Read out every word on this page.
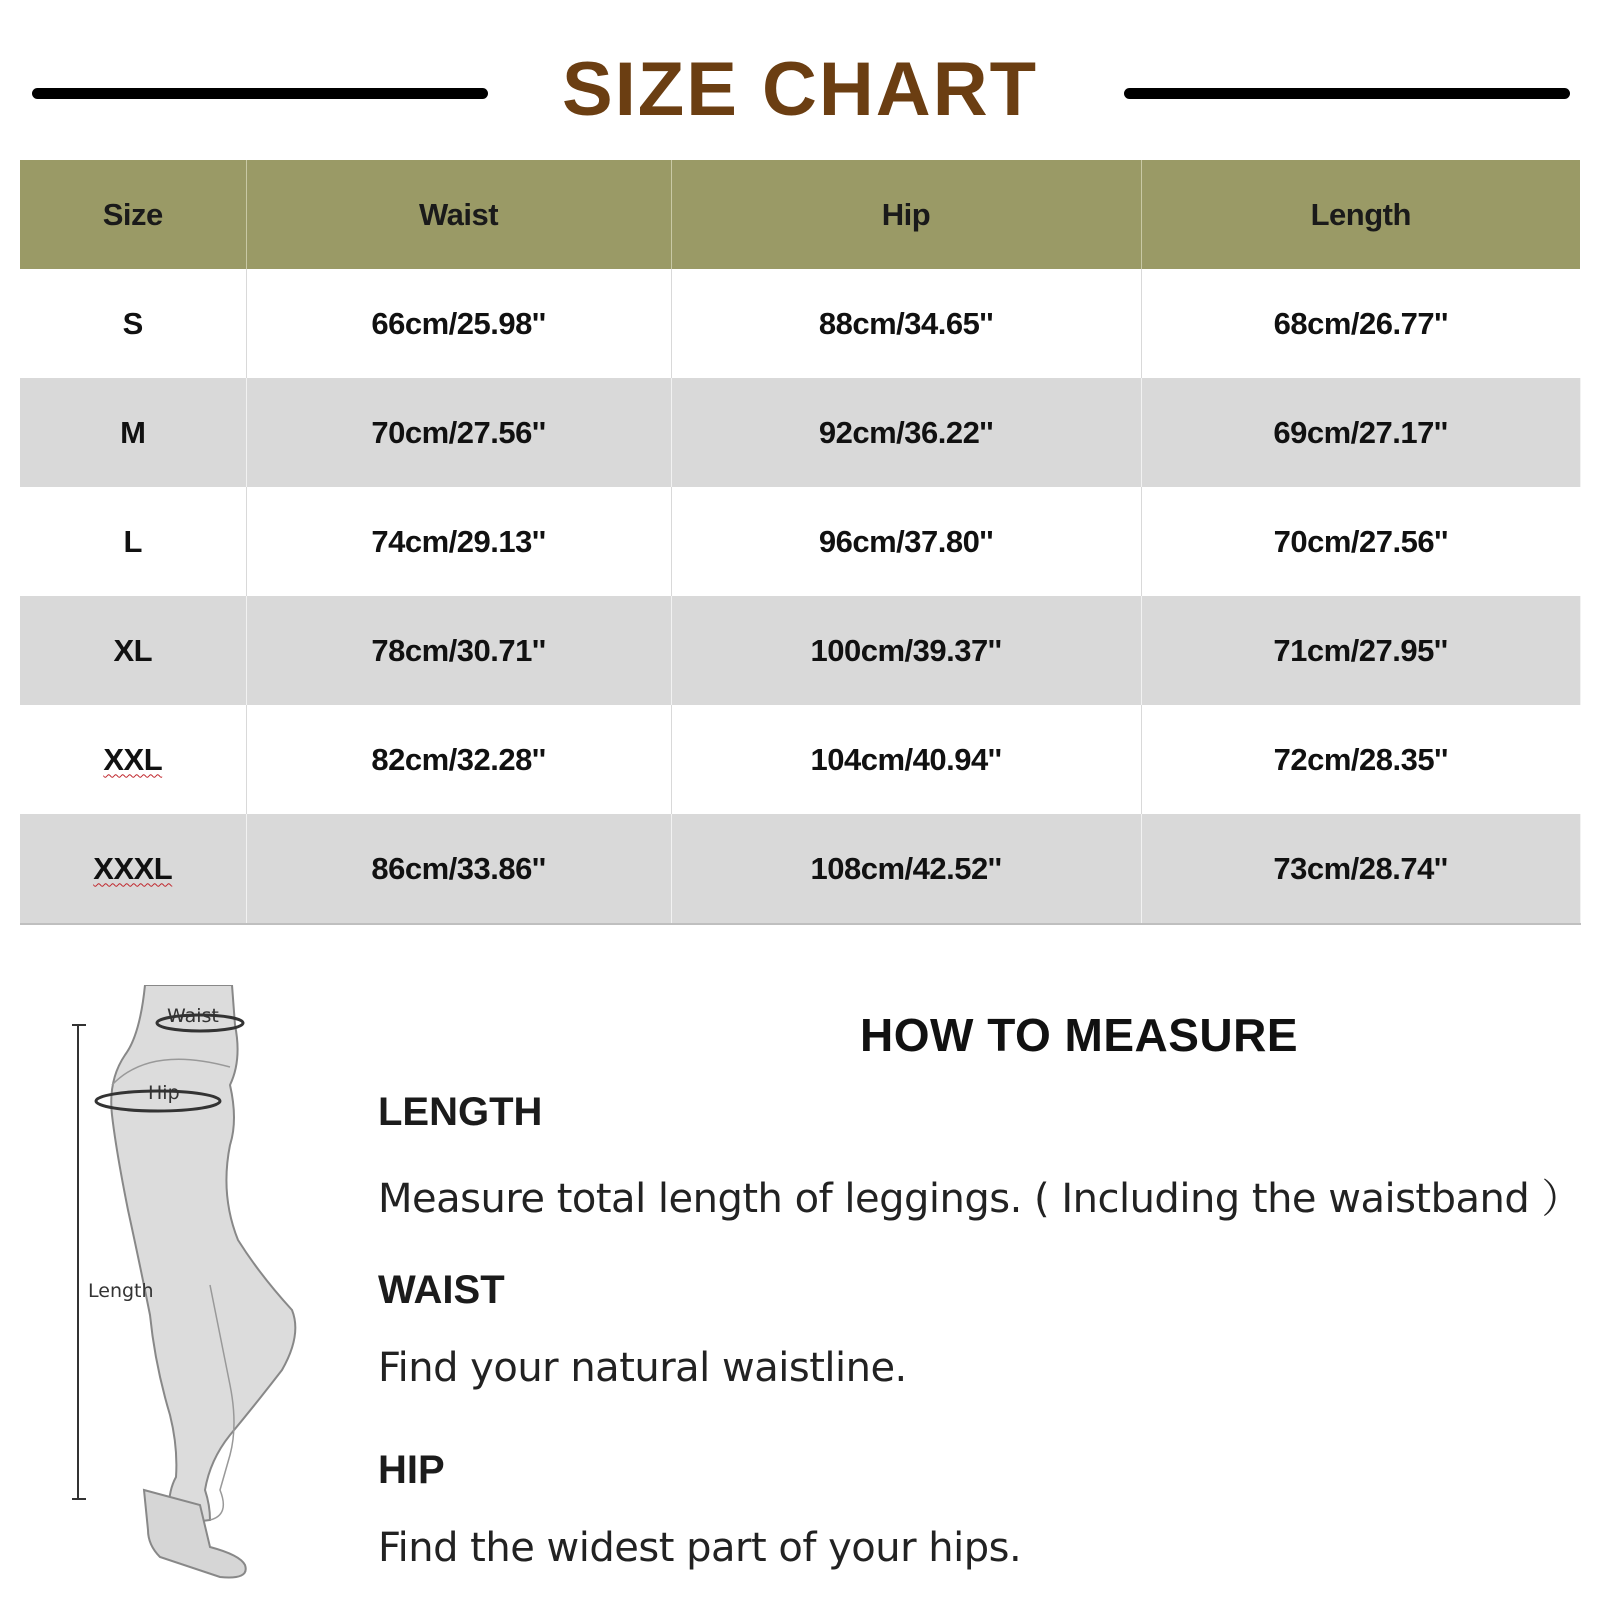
SIZE CHART
Size	Waist	Hip	Length
S	66cm/25.98''	88cm/34.65''	68cm/26.77''
M	70cm/27.56''	92cm/36.22''	69cm/27.17''
L	74cm/29.13''	96cm/37.80''	70cm/27.56''
XL	78cm/30.71''	100cm/39.37''	71cm/27.95''
XXL	82cm/32.28''	104cm/40.94''	72cm/28.35''
XXXL	86cm/33.86''	108cm/42.52''	73cm/28.74''
Waist
Hip
Length
HOW TO MEASURE
LENGTH
Measure total length of leggings. ( Including the waistband ）
WAIST
Find your natural waistline.
HIP
Find the widest part of your hips.
